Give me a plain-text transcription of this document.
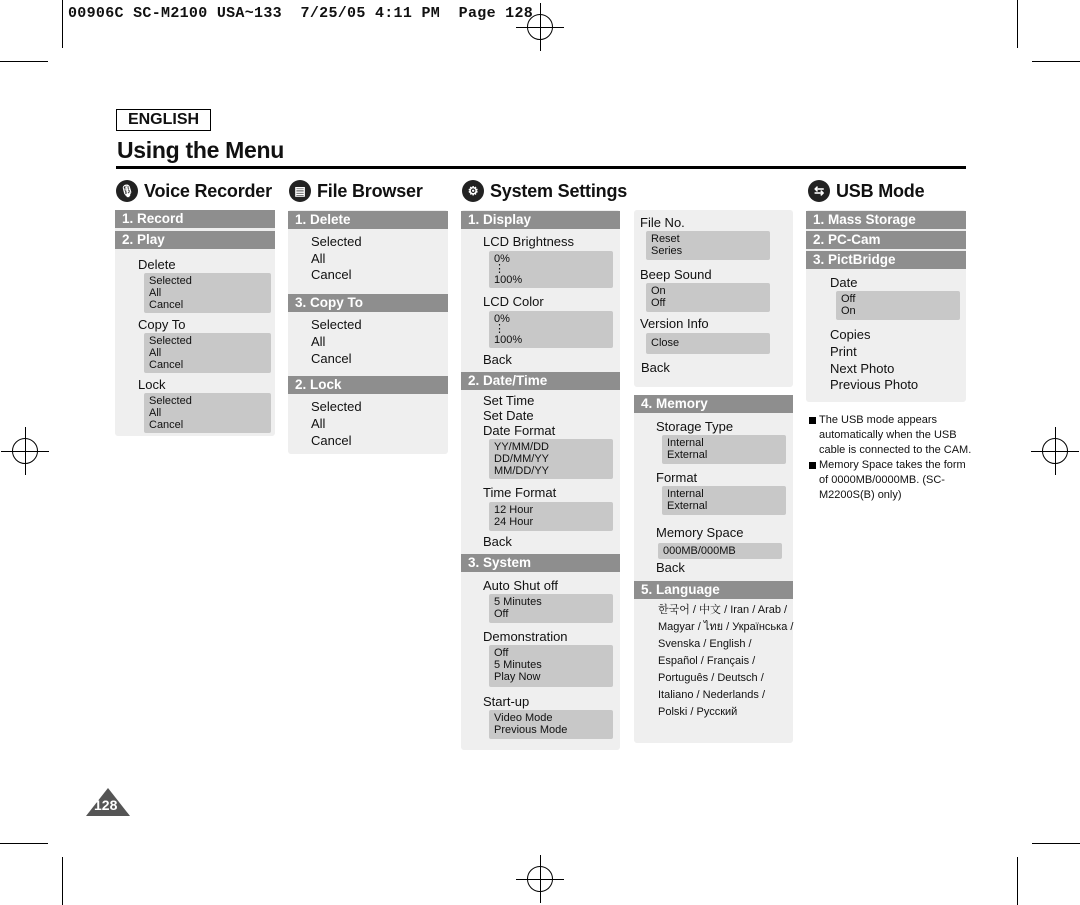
00906C SC-M2100 USA~133  7/25/05 4:11 PM  Page 128
ENGLISH
Using the Menu
🎙 Voice Recorder
1. Record
2. Play
Delete
Selected
All
Cancel
Copy To
Selected
All
Cancel
Lock
Selected
All
Cancel
▤ File Browser
1. Delete
Selected
All
Cancel
3. Copy To
Selected
All
Cancel
2. Lock
Selected
All
Cancel
⚙ System Settings
1. Display
LCD Brightness
0%
⋮
100%
LCD Color
0%
⋮
100%
Back
2. Date/Time
Set Time
Set Date
Date Format
YY/MM/DD
DD/MM/YY
MM/DD/YY
Time Format
12 Hour
24 Hour
Back
3. System
Auto Shut off
5 Minutes
Off
Demonstration
Off
5 Minutes
Play Now
Start-up
Video Mode
Previous Mode
File No.
Reset
Series
Beep Sound
On
Off
Version Info
Close
Back
4. Memory
Storage Type
Internal
External
Format
Internal
External
Memory Space
000MB/000MB
Back
5. Language
한국어 / 中文 / Iran / Arab / Magyar / ไทย / Українська / Svenska / English / Español / Français / Português / Deutsch / Italiano / Nederlands / Polski / Русский
⇆ USB Mode
1. Mass Storage
2. PC-Cam
3. PictBridge
Date
Off
On
Copies
Print
Next Photo
Previous Photo
The USB mode appears automatically when the USB cable is connected to the CAM.
Memory Space takes the form of 0000MB/0000MB. (SC-M2200S(B) only)
128
